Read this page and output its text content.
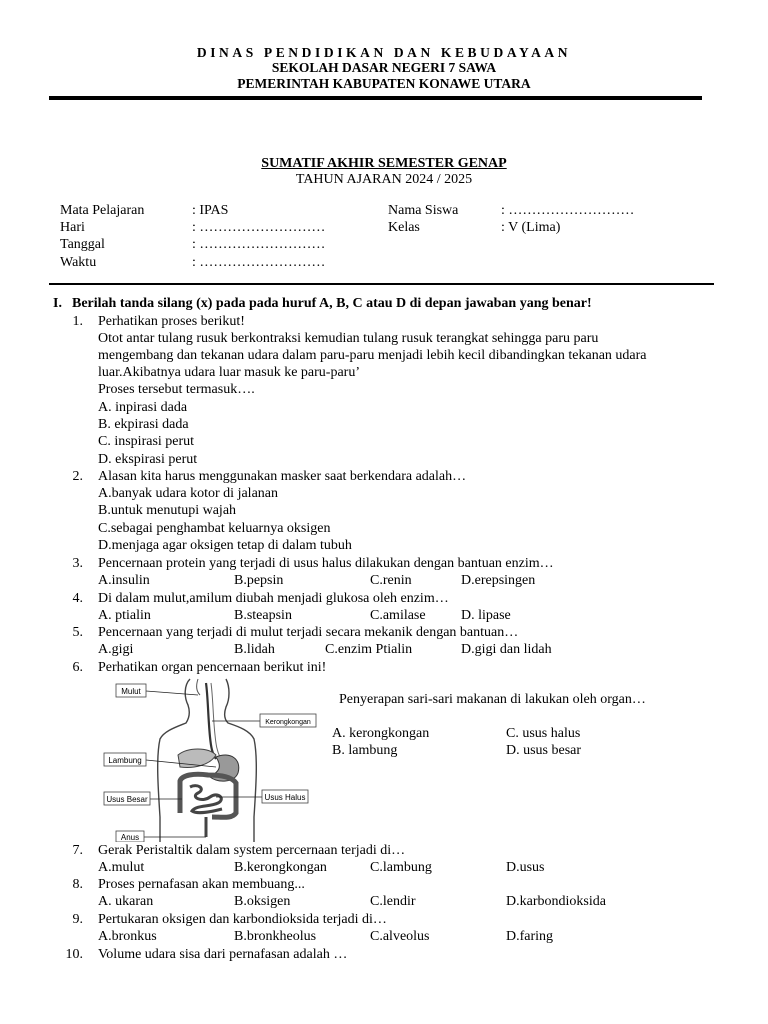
DINAS PENDIDIKAN DAN KEBUDAYAAN
SEKOLAH DASAR NEGERI 7 SAWA
PEMERINTAH KABUPATEN KONAWE UTARA
SUMATIF AKHIR SEMESTER GENAP
TAHUN AJARAN 2024 / 2025
Mata Pelajaran	: IPAS	Nama Siswa	: ………………………
Hari	: ………………………	Kelas	: V (Lima)
Tanggal	: ………………………
Waktu	: ………………………
I. Berilah tanda silang (x) pada pada huruf A, B, C atau D di depan jawaban yang benar!
1. Perhatikan proses berikut!
Otot antar tulang rusuk berkontraksi kemudian tulang rusuk terangkat sehingga paru paru
mengembang dan tekanan udara dalam paru-paru menjadi lebih kecil dibandingkan tekanan udara
luar.Akibatnya udara luar masuk ke paru-paru’
Proses tersebut termasuk….
A. inpirasi dada
B. ekpirasi dada
C. inspirasi perut
D. ekspirasi perut
2. Alasan kita harus menggunakan masker saat berkendara adalah…
A.banyak udara kotor di jalanan
B.untuk menutupi wajah
C.sebagai penghambat keluarnya oksigen
D.menjaga agar oksigen tetap di dalam tubuh
3. Pencernaan protein yang terjadi di usus halus dilakukan dengan bantuan enzim…
A.insulin	B.pepsin	C.renin	D.erepsingen
4. Di dalam mulut,amilum diubah menjadi glukosa oleh enzim…
A. ptialin	B.steapsin	C.amilase	D. lipase
5. Pencernaan yang terjadi di mulut terjadi secara mekanik dengan bantuan…
A.gigi	B.lidah	C.enzim Ptialin	D.gigi dan lidah
6. Perhatikan organ pencernaan berikut ini!
Mulut
Kerongkongan
Lambung
Usus Besar	Usus Halus
Anus
Penyerapan sari-sari makanan di lakukan oleh organ…
A. kerongkongan
B. lambung
C. usus halus
D. usus besar
7. Gerak Peristaltik dalam system percernaan terjadi di…
A.mulut	B.kerongkongan	C.lambung	D.usus
8. Proses pernafasan akan membuang...
A. ukaran	B.oksigen	C.lendir	D.karbondioksida
9. Pertukaran oksigen dan karbondioksida terjadi di…
A.bronkus	B.bronkheolus	C.alveolus	D.faring
10. Volume udara sisa dari pernafasan adalah …
